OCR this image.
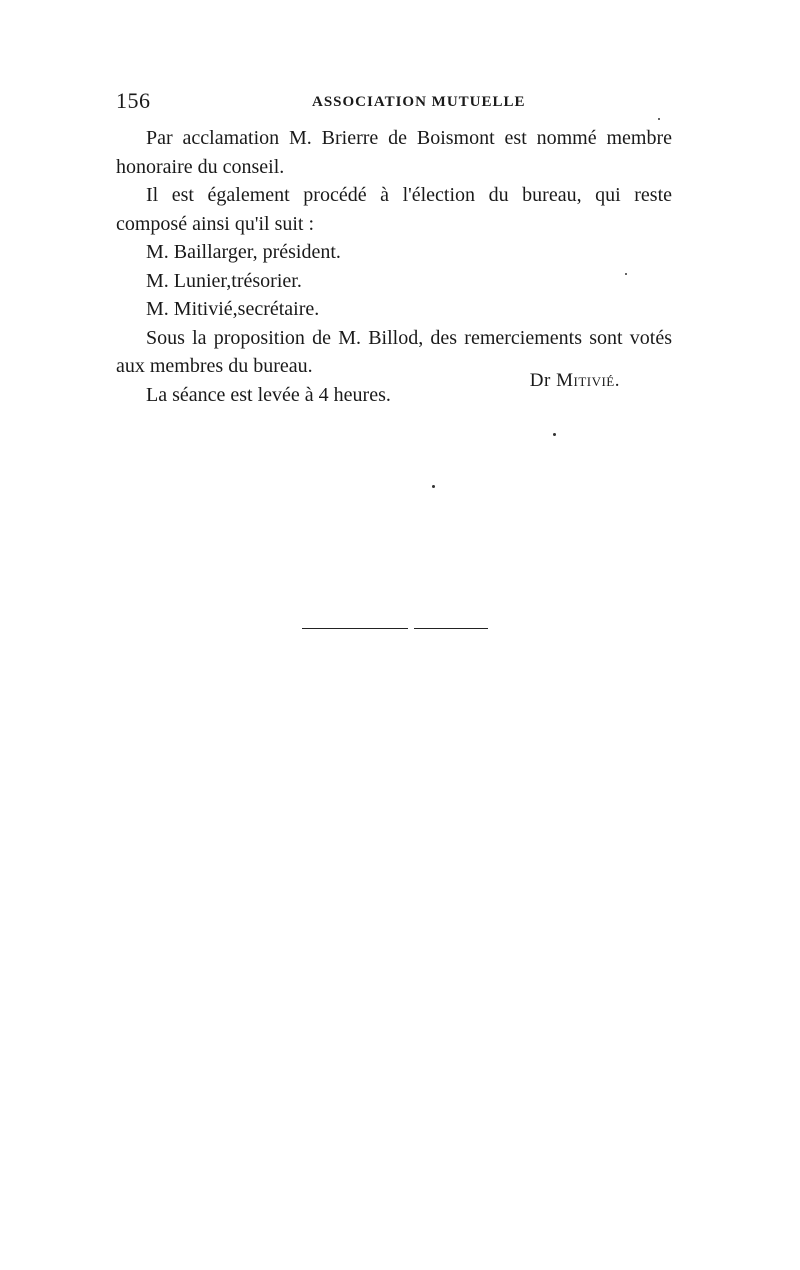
156	ASSOCIATION MUTUELLE
Par acclamation M. Brierre de Boismont est nommé membre
honoraire du conseil.
Il est également procédé à l'élection du bureau, qui reste
composé ainsi qu'il suit :
M. Baillarger, président.
M. Lunier,trésorier.
M. Mitivié,secrétaire.
Sous la proposition de M. Billod, des remerciements sont votés
aux membres du bureau.
La séance est levée à 4 heures.
Dr Mitivié.
